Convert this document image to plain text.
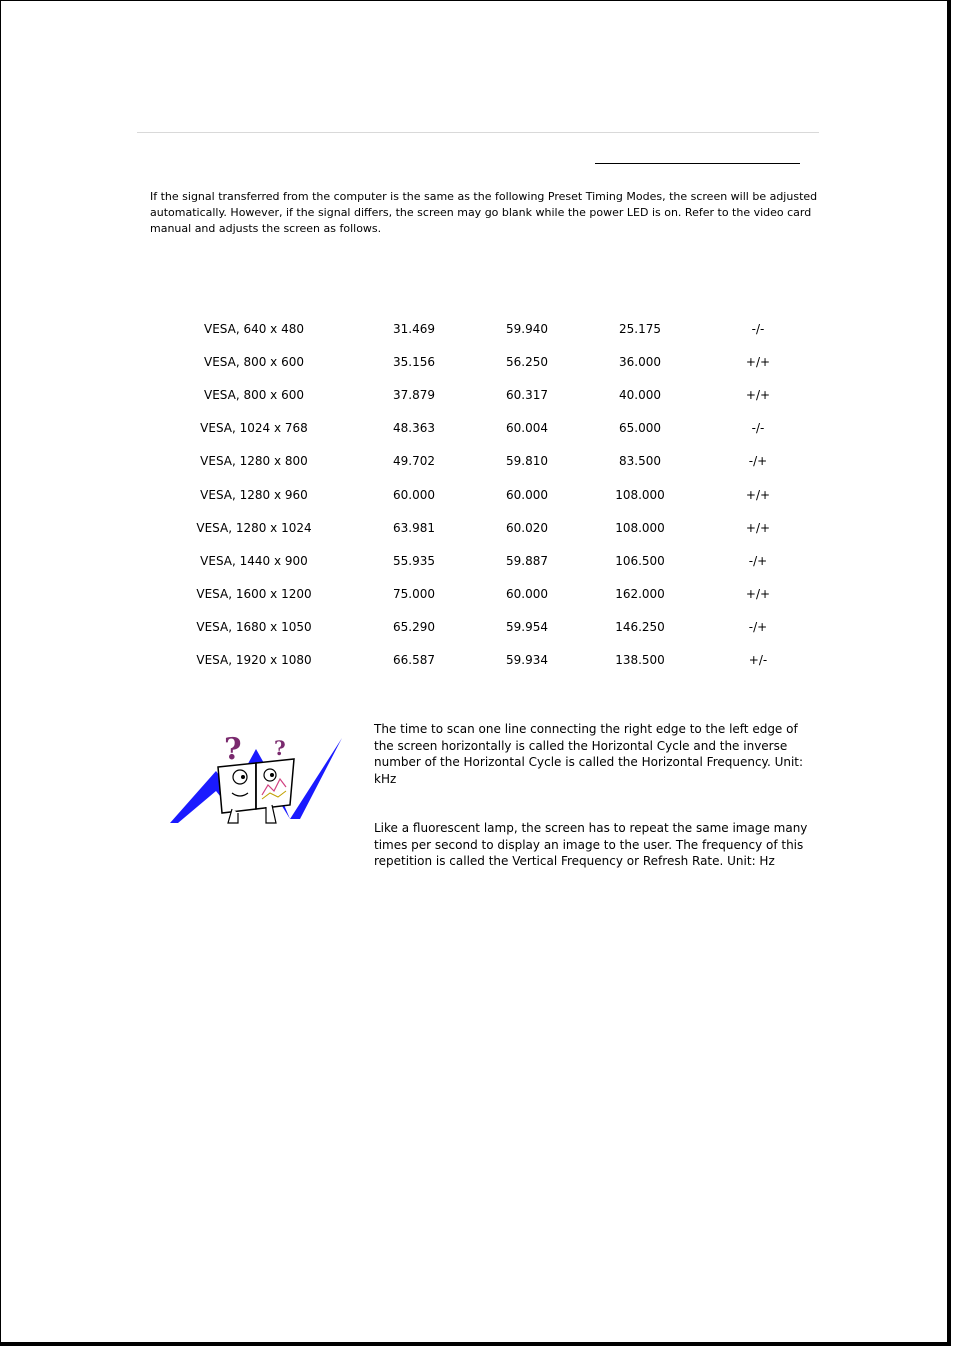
If the signal transferred from the computer is the same as the following Preset Timing Modes, the screen will be adjusted automatically. However, if the signal differs, the screen may go blank while the power LED is on. Refer to the video card manual and adjusts the screen as follows.
VESA, 640 x 480	31.469	59.940	25.175	-/-
VESA, 800 x 600	35.156	56.250	36.000	+/+
VESA, 800 x 600	37.879	60.317	40.000	+/+
VESA, 1024 x 768	48.363	60.004	65.000	-/-
VESA, 1280 x 800	49.702	59.810	83.500	-/+
VESA, 1280 x 960	60.000	60.000	108.000	+/+
VESA, 1280 x 1024	63.981	60.020	108.000	+/+
VESA, 1440 x 900	55.935	59.887	106.500	-/+
VESA, 1600 x 1200	75.000	60.000	162.000	+/+
VESA, 1680 x 1050	65.290	59.954	146.250	-/+
VESA, 1920 x 1080	66.587	59.934	138.500	+/-
? ?
The time to scan one line connecting the right edge to the left edge of the screen horizontally is called the Horizontal Cycle and the inverse number of the Horizontal Cycle is called the Horizontal Frequency. Unit: kHz
Like a fluorescent lamp, the screen has to repeat the same image many times per second to display an image to the user. The frequency of this repetition is called the Vertical Frequency or Refresh Rate. Unit: Hz
